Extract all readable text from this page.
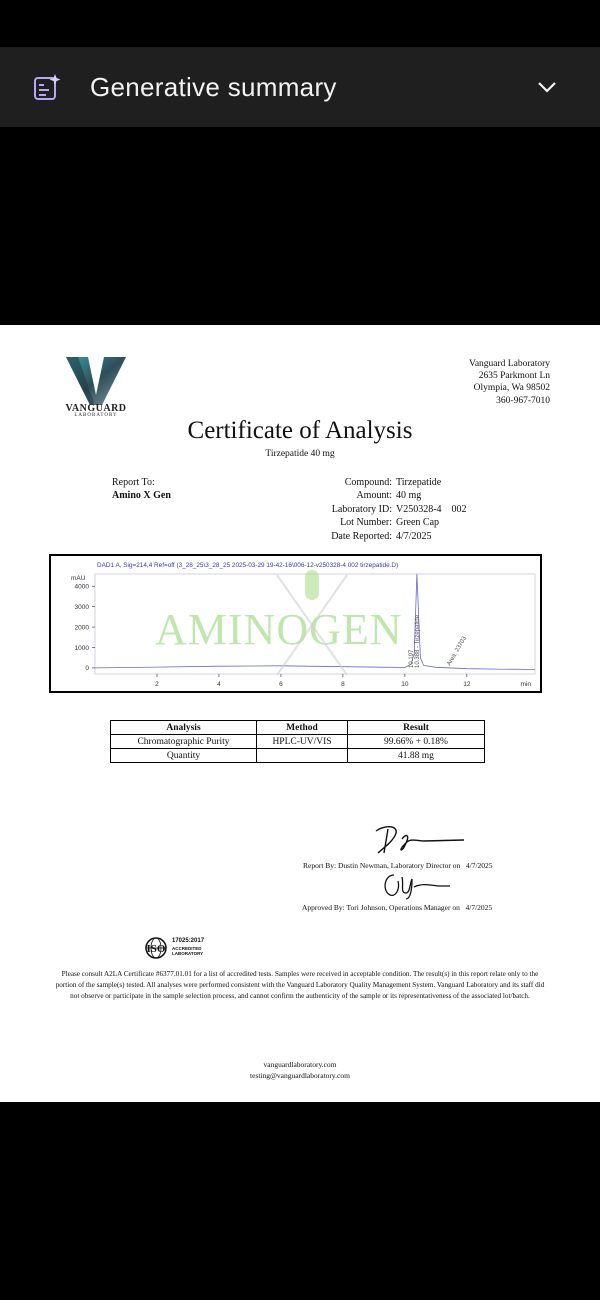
Generative summary
VANGUARD
LABORATORY
Vanguard Laboratory
2635 Parkmont Ln
Olympia, Wa 98502
360-967-7010
Certificate of Analysis
Tirzepatide 40 mg
Report To:
Amino X Gen
Compound: Tirzepatide
Amount: 40 mg
Laboratory ID: V250328-4    002
Lot Number: Green Cap
Date Reported: 4/7/2025
DAD1 A, Sig=214,4 Ref=off (3_28_25\3_28_25 2025-03-29 19-42-16\006-12-v250328-4 002 tirzepatide.D)
mAU
min
0
1000
2000
3000
4000
2	4	6	8	10	12
10.197 10.388 - Tirzepatide	Area: 23703
AMINOGEN
Analysis	Method	Result
Chromatographic Purity	HPLC-UV/VIS	99.66% + 0.18%
Quantity		41.88 mg
Report By: Dustin Newman, Laboratory Director on   4/7/2025
Approved By: Tori Johnson, Operations Manager on   4/7/2025
ISO
17025:2017
ACCREDITED
LABORATORY
Please consult A2LA Certificate #6377.01.01 for a list of accredited tests. Samples were received in acceptable condition. The result(s) in this report relate only to the portion of the sample(s) tested. All analyses were performed consistent with the Vanguard Laboratory Quality Management System. Vanguard Laboratory and its staff did not observe or participate in the sample selection process, and cannot confirm the authenticity of the sample or its representativeness of the associated lot/batch.
vanguardlaboratory.com
testing@vanguardlaboratory.com
